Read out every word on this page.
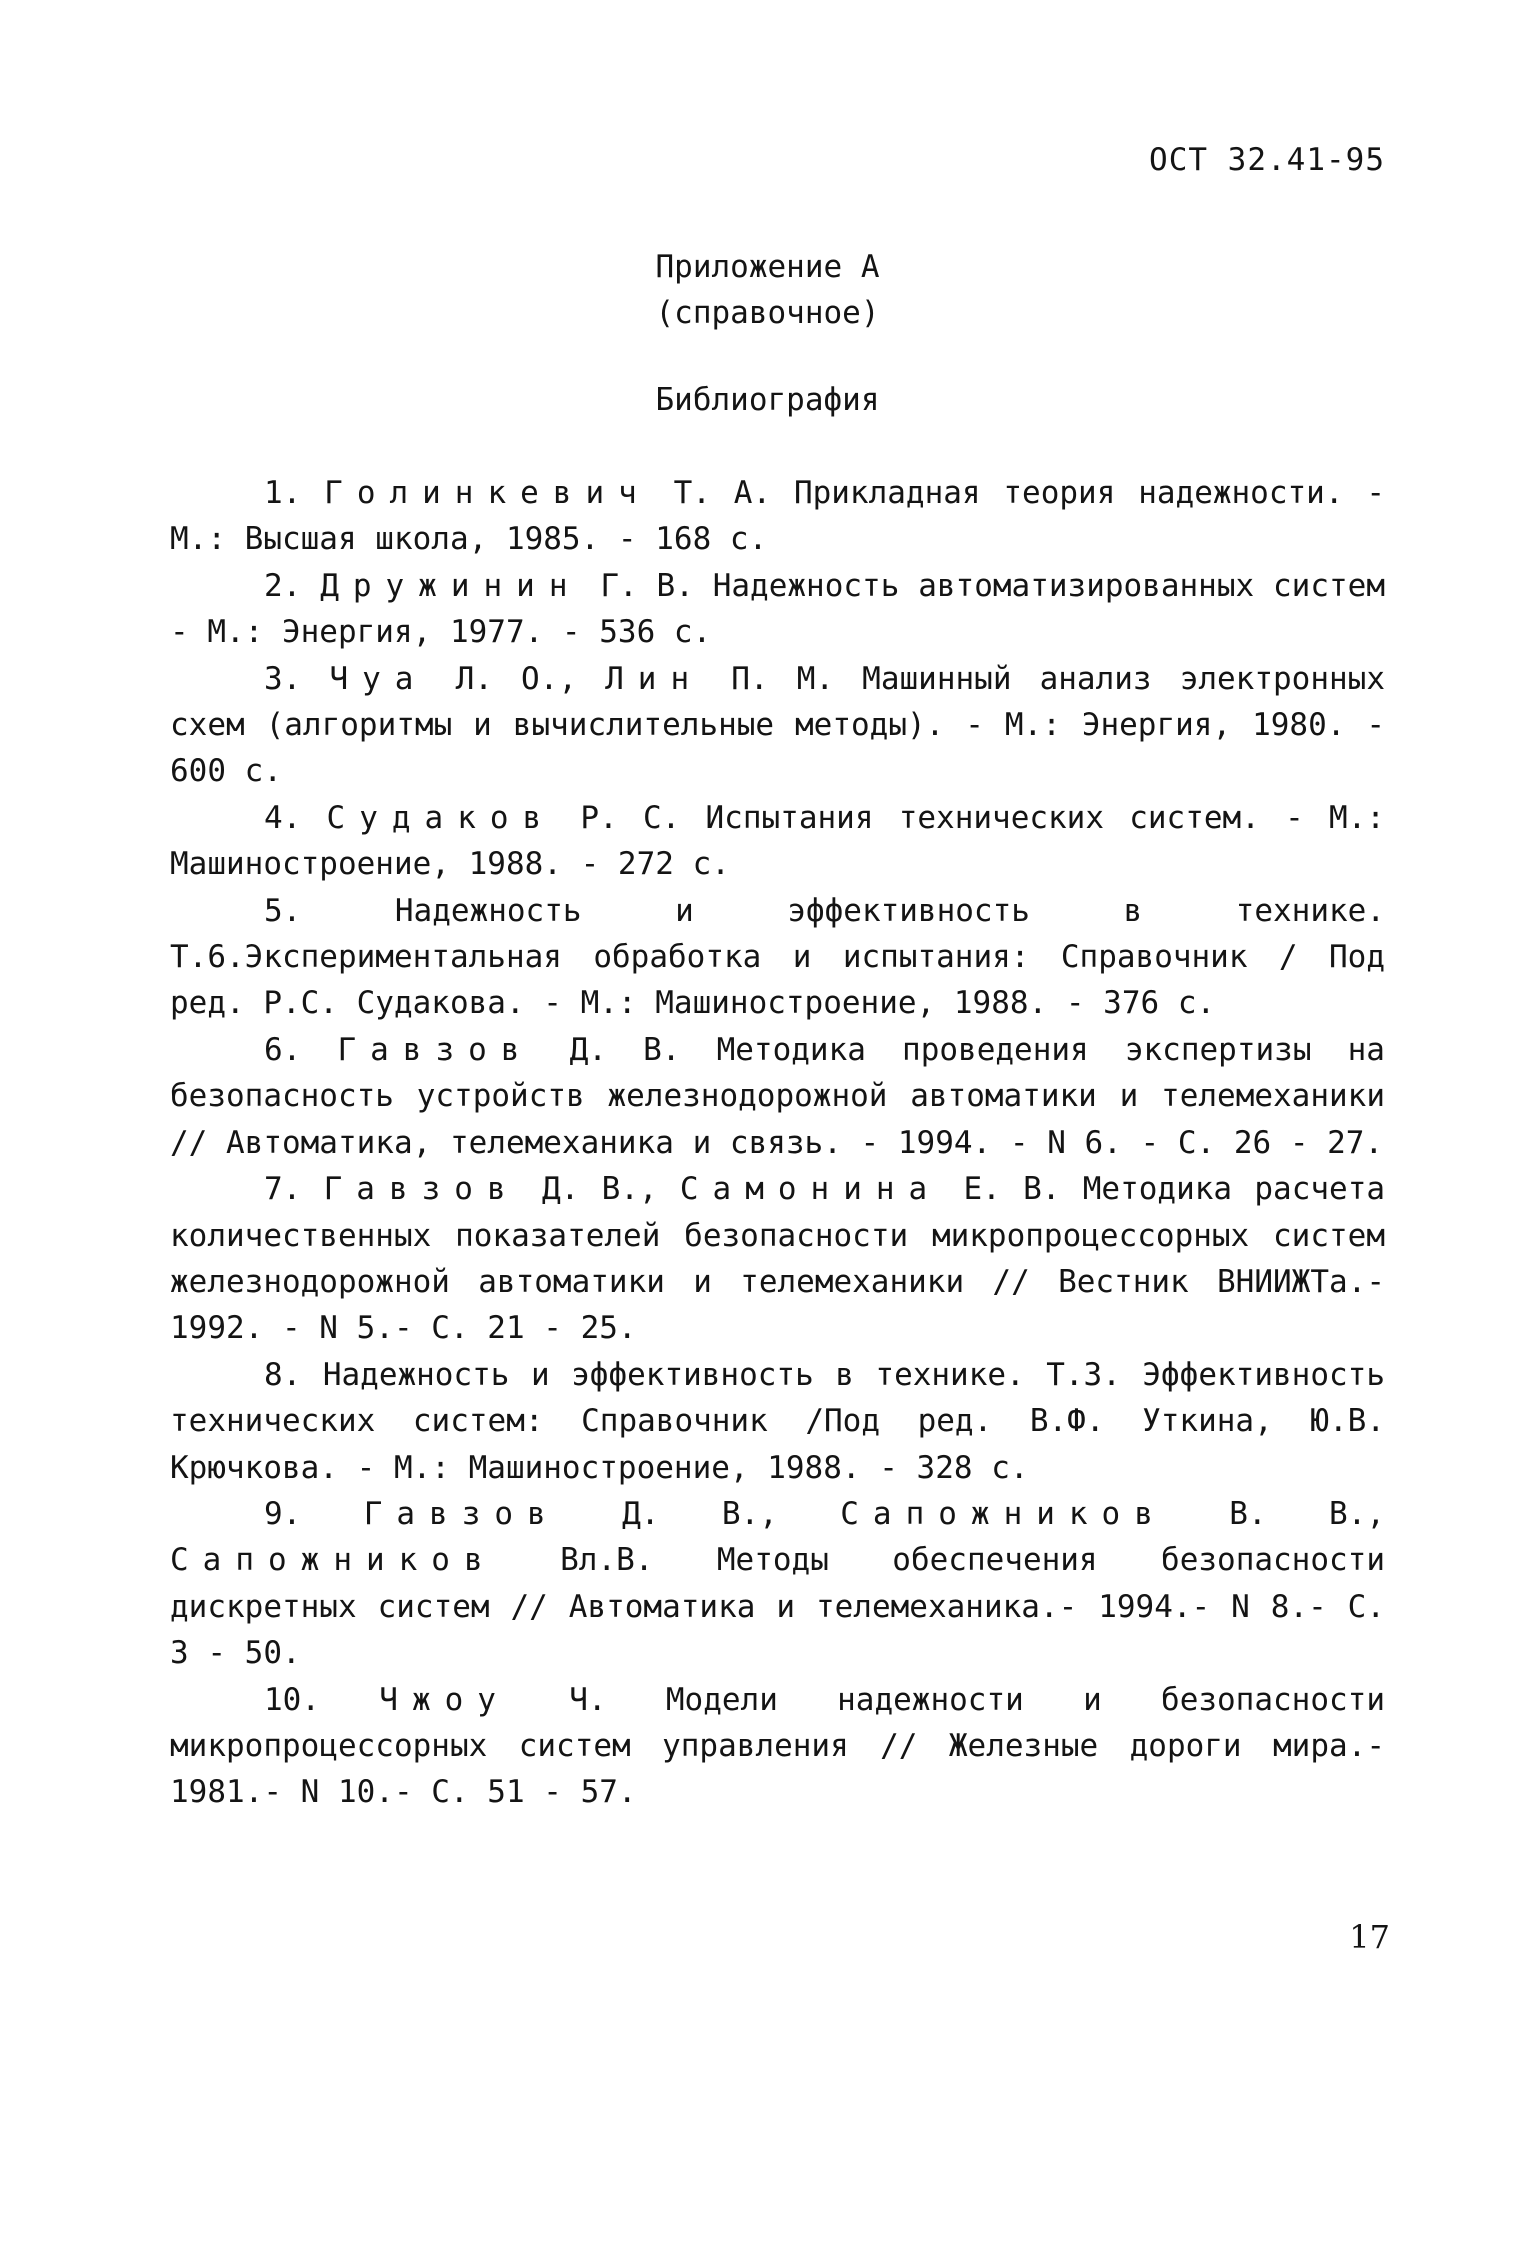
ОСТ 32.41-95

Приложение А
(справочное)
Библиография
1. Голинкевич Т. А. Прикладная теория надежности. - М.: Высшая школа, 1985. - 168 с.
2. Дружинин Г. В. Надежность автоматизированных систем - М.: Энергия, 1977. - 536 с.
3. Чуа Л. О., Лин П. М. Машинный анализ электронных схем (алгоритмы и вычислительные методы). - М.: Энергия, 1980. - 600 с.
4. Судаков Р. С. Испытания технических систем. - М.: Машиностроение, 1988. - 272 с.
5.	Надежность и эффективность в технике. Т.6.Экспериментальная обработка и испытания: Справочник / Под ред. Р.С. Судакова. - М.: Машиностроение, 1988. - 376 с.
6. Гавзов Д. В. Методика проведения экспертизы на безопасность устройств железнодорожной автоматики и телемеханики // Автоматика, телемеханика и связь. - 1994. - N 6. - С. 26 - 27.
7. Гавзов Д. В., Самонина Е. В. Методика расчета количественных показателей безопасности микропроцессорных систем железнодорожной автоматики и телемеханики // Вестник ВНИИЖТа.- 1992. - N 5.- С. 21 - 25.
8. Надежность и эффективность в технике. Т.3. Эффективность технических систем: Справочник /Под ред. В.Ф. Уткина, Ю.В. Крючкова. - М.: Машиностроение, 1988. - 328 с.
9. Гавзов Д. В., Сапожников В. В., Сапожников Вл.В. Методы обеспечения безопасности дискретных систем // Автоматика и телемеханика.- 1994.- N 8.- С. 3 - 50.
10. Чжоу Ч. Модели надежности и безопасности микропроцессорных систем управления // Железные дороги мира.- 1981.- N 10.- С. 51 - 57.

17
